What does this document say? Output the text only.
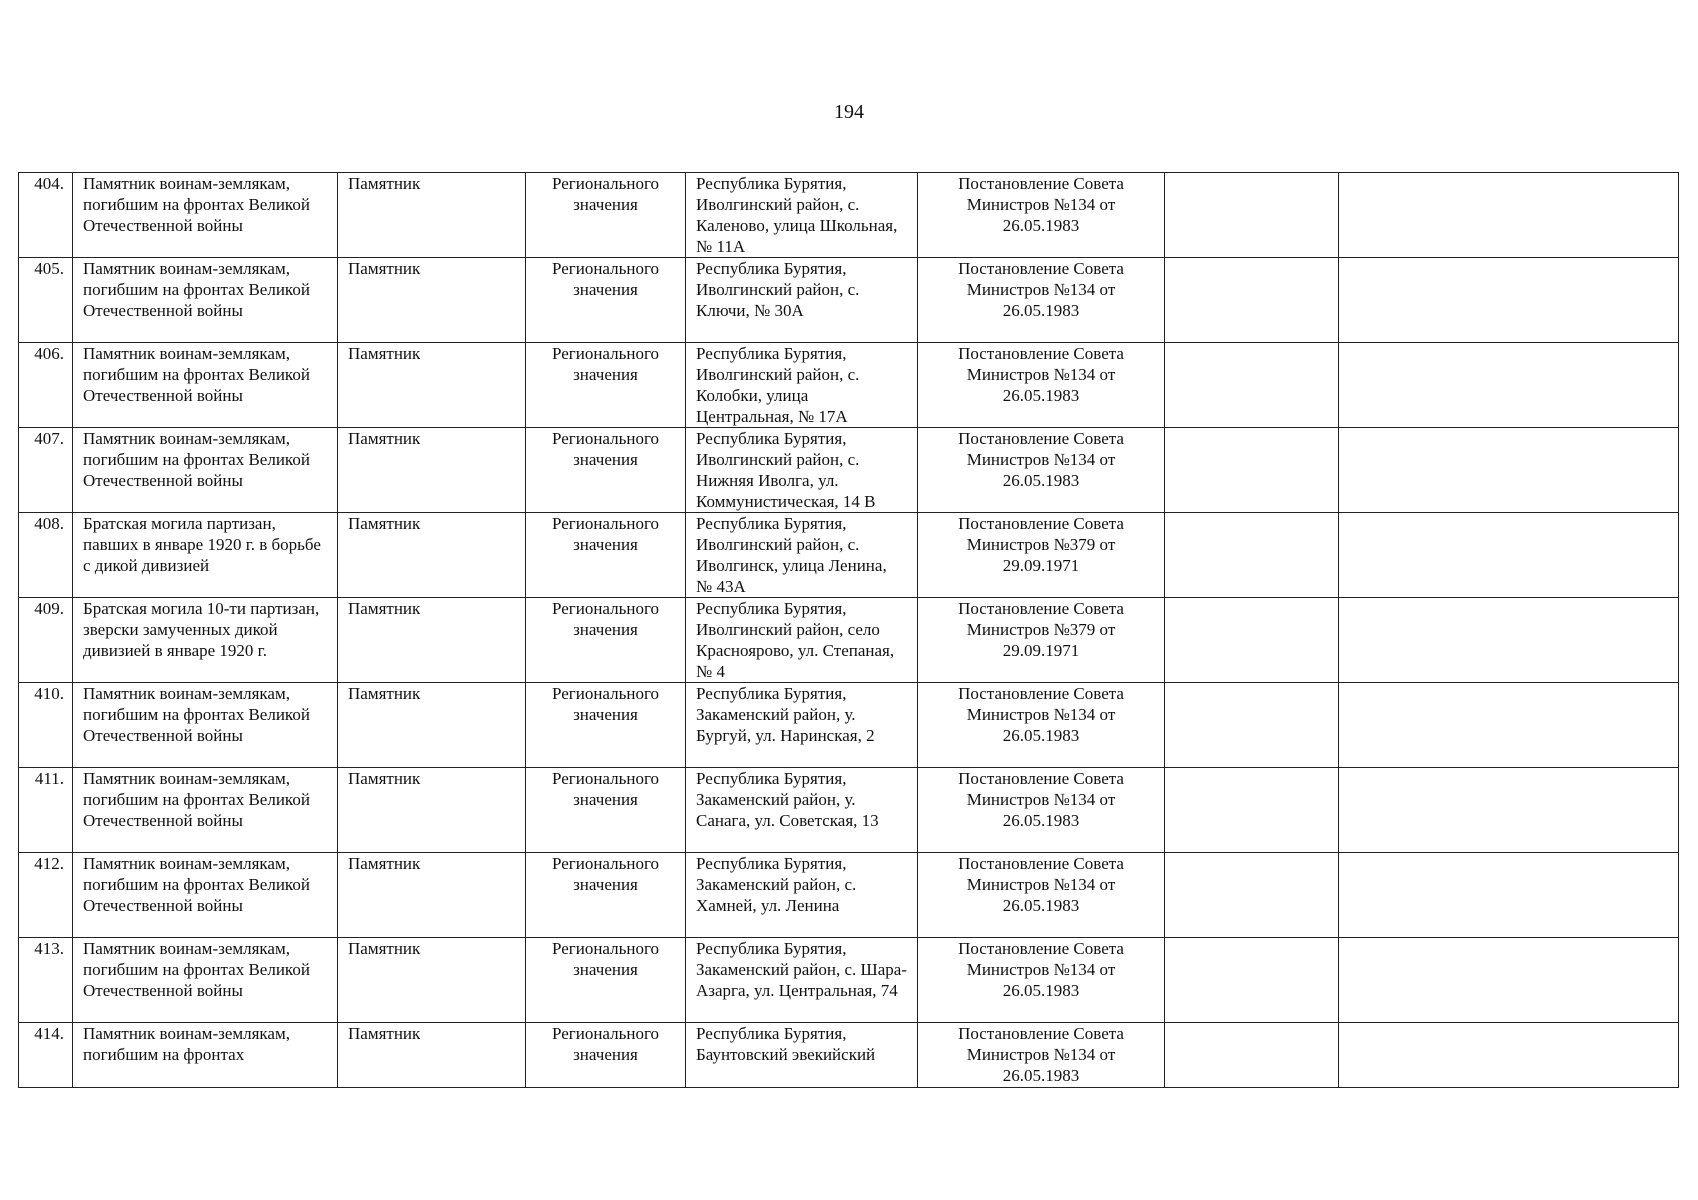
194
404.	Памятник воинам-землякам, погибшим на фронтах Великой Отечественной войны	Памятник	Регионального значения	Республика Бурятия, Иволгинский район, с. Каленово, улица Школьная, № 11А	Постановление Совета Министров №134 от 26.05.1983		
405.	Памятник воинам-землякам, погибшим на фронтах Великой Отечественной войны	Памятник	Регионального значения	Республика Бурятия, Иволгинский район, с. Ключи, № 30А	Постановление Совета Министров №134 от 26.05.1983		
406.	Памятник воинам-землякам, погибшим на фронтах Великой Отечественной войны	Памятник	Регионального значения	Республика Бурятия, Иволгинский район, с. Колобки, улица Центральная, № 17А	Постановление Совета Министров №134 от 26.05.1983		
407.	Памятник воинам-землякам, погибшим на фронтах Великой Отечественной войны	Памятник	Регионального значения	Республика Бурятия, Иволгинский район, с. Нижняя Иволга, ул. Коммунистическая, 14 В	Постановление Совета Министров №134 от 26.05.1983		
408.	Братская могила партизан, павших в январе 1920 г. в борьбе с дикой дивизией	Памятник	Регионального значения	Республика Бурятия, Иволгинский район, с. Иволгинск, улица Ленина, № 43А	Постановление Совета Министров №379 от 29.09.1971		
409.	Братская могила 10-ти партизан, зверски замученных дикой дивизией в январе 1920 г.	Памятник	Регионального значения	Республика Бурятия, Иволгинский район, село Красноярово, ул. Степаная, № 4	Постановление Совета Министров №379 от 29.09.1971		
410.	Памятник воинам-землякам, погибшим на фронтах Великой Отечественной войны	Памятник	Регионального значения	Республика Бурятия, Закаменский район, у. Бургуй, ул. Наринская, 2	Постановление Совета Министров №134 от 26.05.1983		
411.	Памятник воинам-землякам, погибшим на фронтах Великой Отечественной войны	Памятник	Регионального значения	Республика Бурятия, Закаменский район, у. Санага, ул. Советская, 13	Постановление Совета Министров №134 от 26.05.1983		
412.	Памятник воинам-землякам, погибшим на фронтах Великой Отечественной войны	Памятник	Регионального значения	Республика Бурятия, Закаменский район, с. Хамней, ул. Ленина	Постановление Совета Министров №134 от 26.05.1983		
413.	Памятник воинам-землякам, погибшим на фронтах Великой Отечественной войны	Памятник	Регионального значения	Республика Бурятия, Закаменский район, с. Шара-Азарга, ул. Центральная, 74	Постановление Совета Министров №134 от 26.05.1983		
414.	Памятник воинам-землякам, погибшим на фронтах	Памятник	Регионального значения	Республика Бурятия, Баунтовский эвекийский	Постановление Совета Министров №134 от 26.05.1983		
